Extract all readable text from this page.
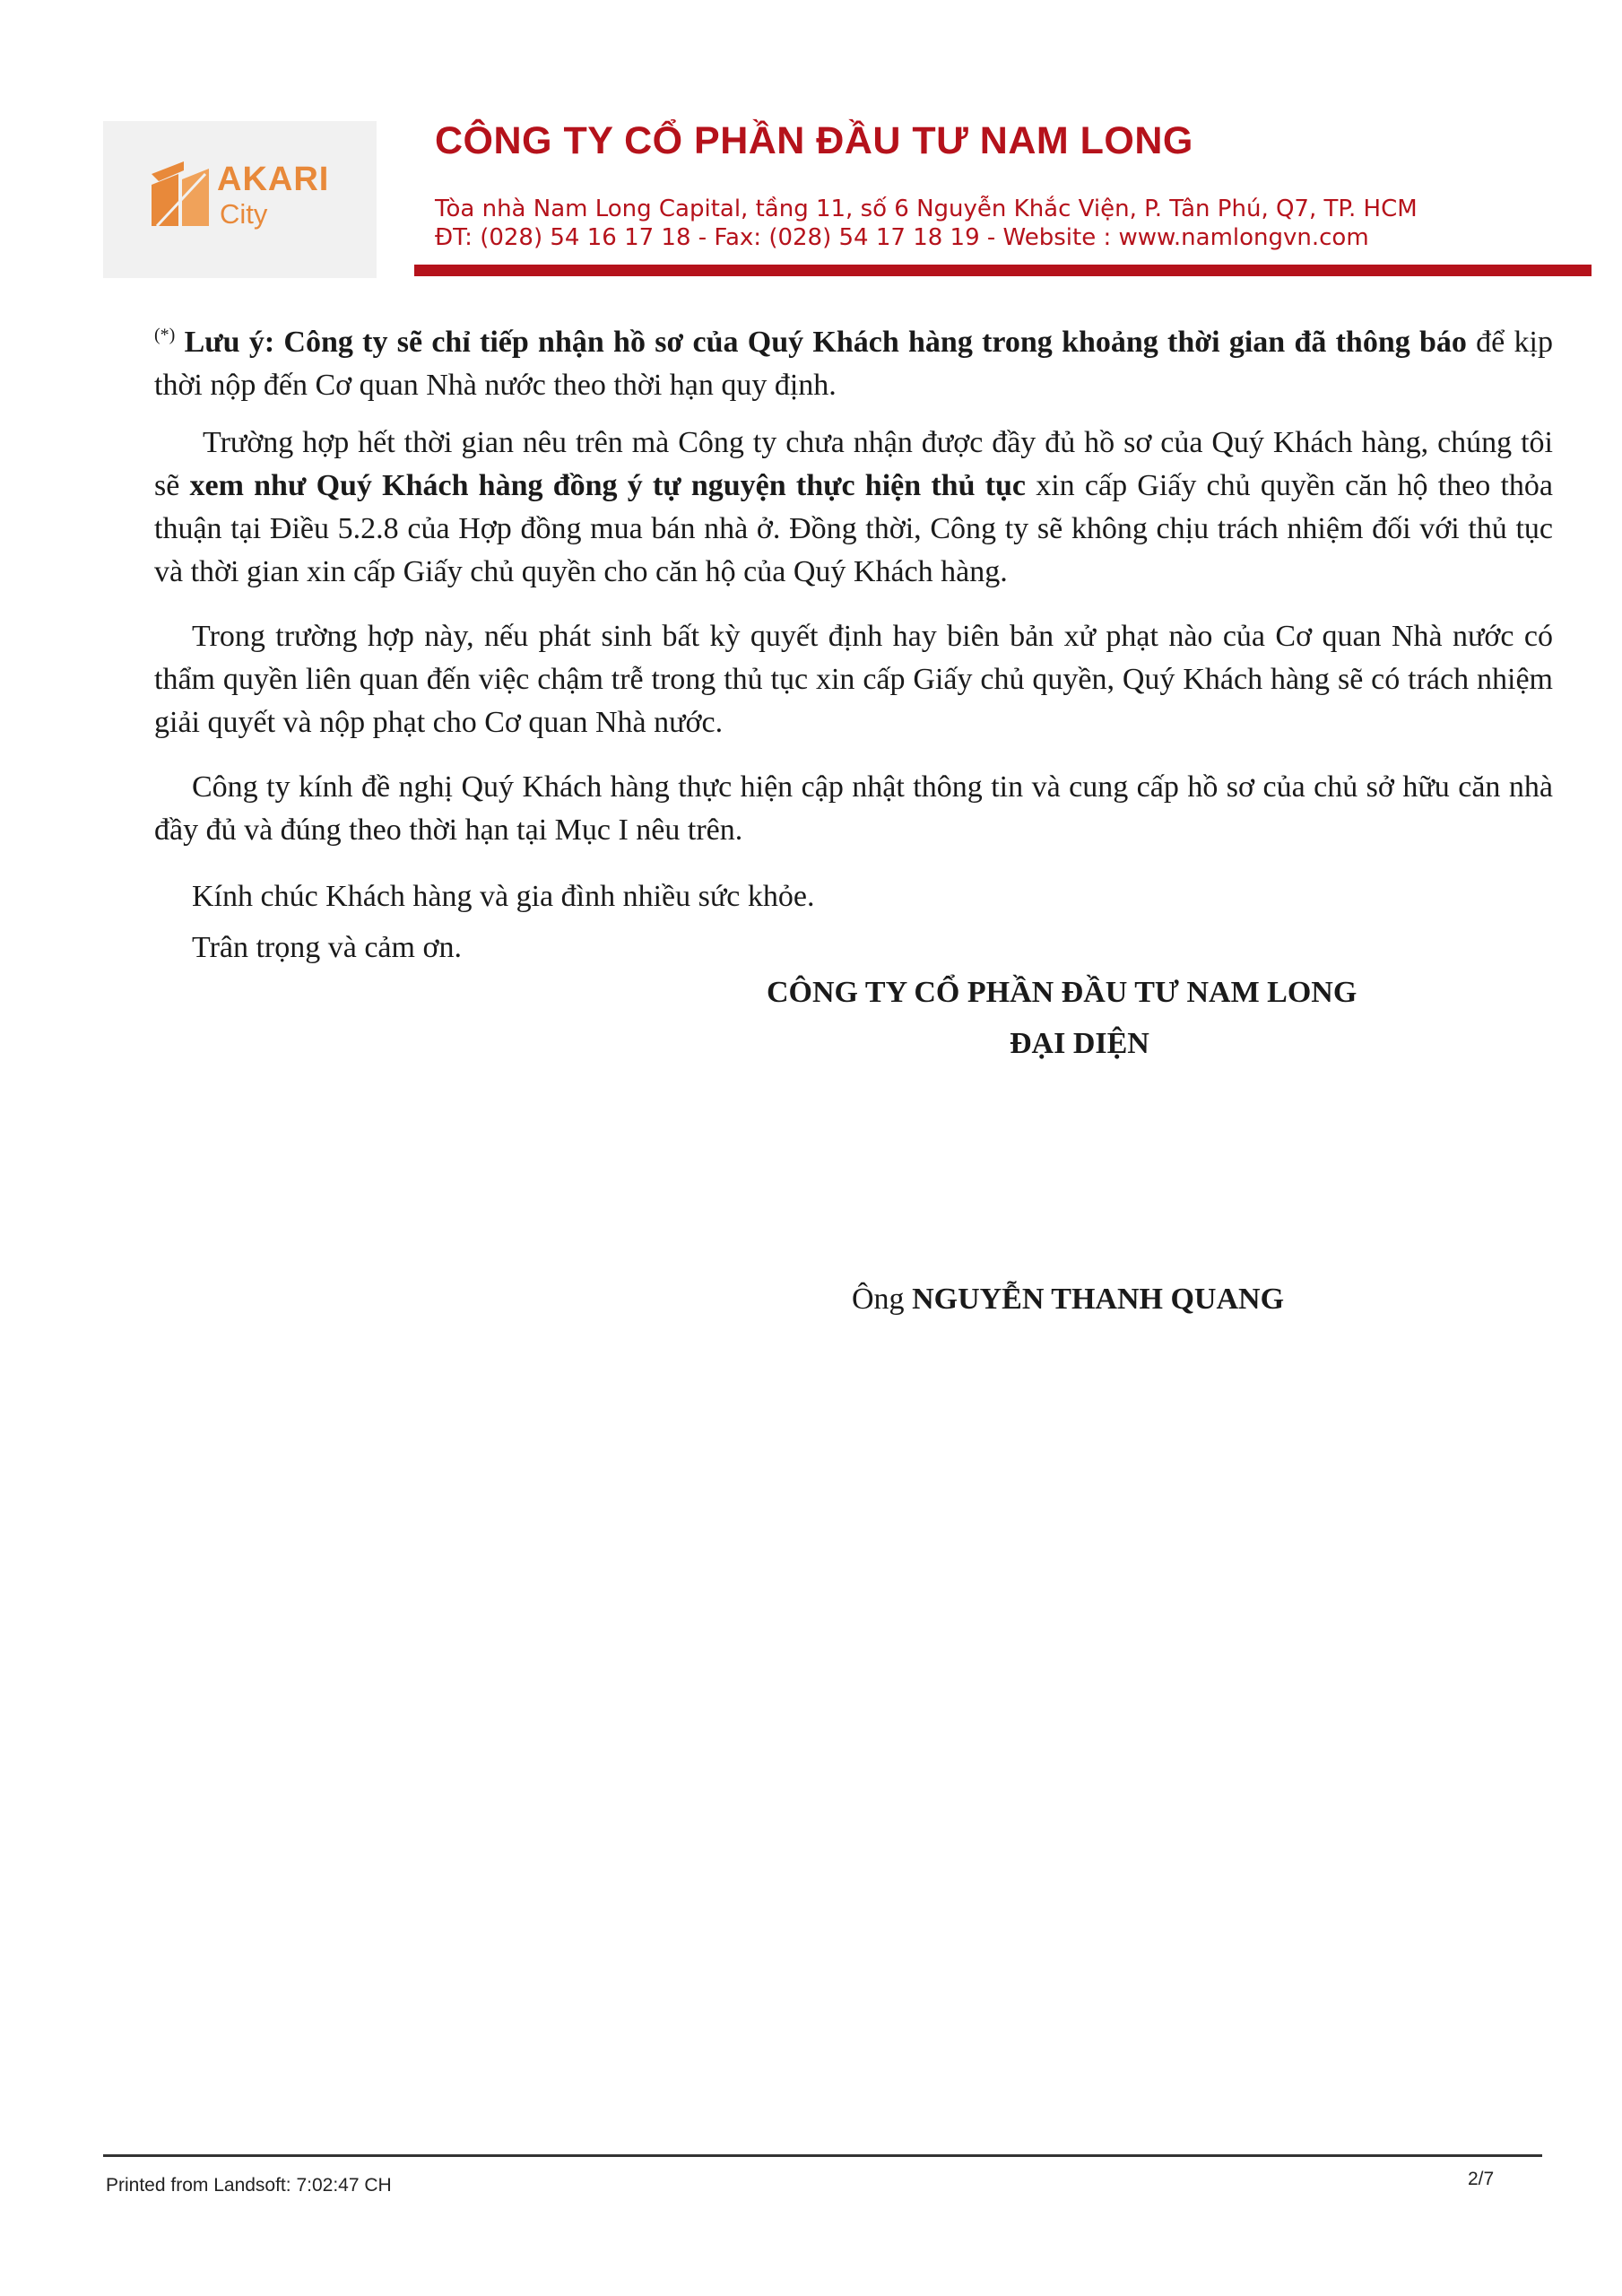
AKARI
City
CÔNG TY CỔ PHẦN ĐẦU TƯ NAM LONG
Tòa nhà Nam Long Capital, tầng 11, số 6 Nguyễn Khắc Viện, P. Tân Phú, Q7, TP. HCM
ĐT: (028) 54 16 17 18 - Fax: (028) 54 17 18 19 - Website : www.namlongvn.com
(*) Lưu ý: Công ty sẽ chỉ tiếp nhận hồ sơ của Quý Khách hàng trong khoảng thời gian đã thông báo để kịp thời nộp đến Cơ quan Nhà nước theo thời hạn quy định.
Trường hợp hết thời gian nêu trên mà Công ty chưa nhận được đầy đủ hồ sơ của Quý Khách hàng, chúng tôi sẽ xem như Quý Khách hàng đồng ý tự nguyện thực hiện thủ tục xin cấp Giấy chủ quyền căn hộ theo thỏa thuận tại Điều 5.2.8 của Hợp đồng mua bán nhà ở. Đồng thời, Công ty sẽ không chịu trách nhiệm đối với thủ tục và thời gian xin cấp Giấy chủ quyền cho căn hộ của Quý Khách hàng.
Trong trường hợp này, nếu phát sinh bất kỳ quyết định hay biên bản xử phạt nào của Cơ quan Nhà nước có thẩm quyền liên quan đến việc chậm trễ trong thủ tục xin cấp Giấy chủ quyền, Quý Khách hàng sẽ có trách nhiệm giải quyết và nộp phạt cho Cơ quan Nhà nước.
Công ty kính đề nghị Quý Khách hàng thực hiện cập nhật thông tin và cung cấp hồ sơ của chủ sở hữu căn nhà đầy đủ và đúng theo thời hạn tại Mục I nêu trên.
Kính chúc Khách hàng và gia đình nhiều sức khỏe.
Trân trọng và cảm ơn.
CÔNG TY CỔ PHẦN ĐẦU TƯ NAM LONG
ĐẠI DIỆN
Ông NGUYỄN THANH QUANG
Printed from Landsoft: 7:02:47 CH	2/7
